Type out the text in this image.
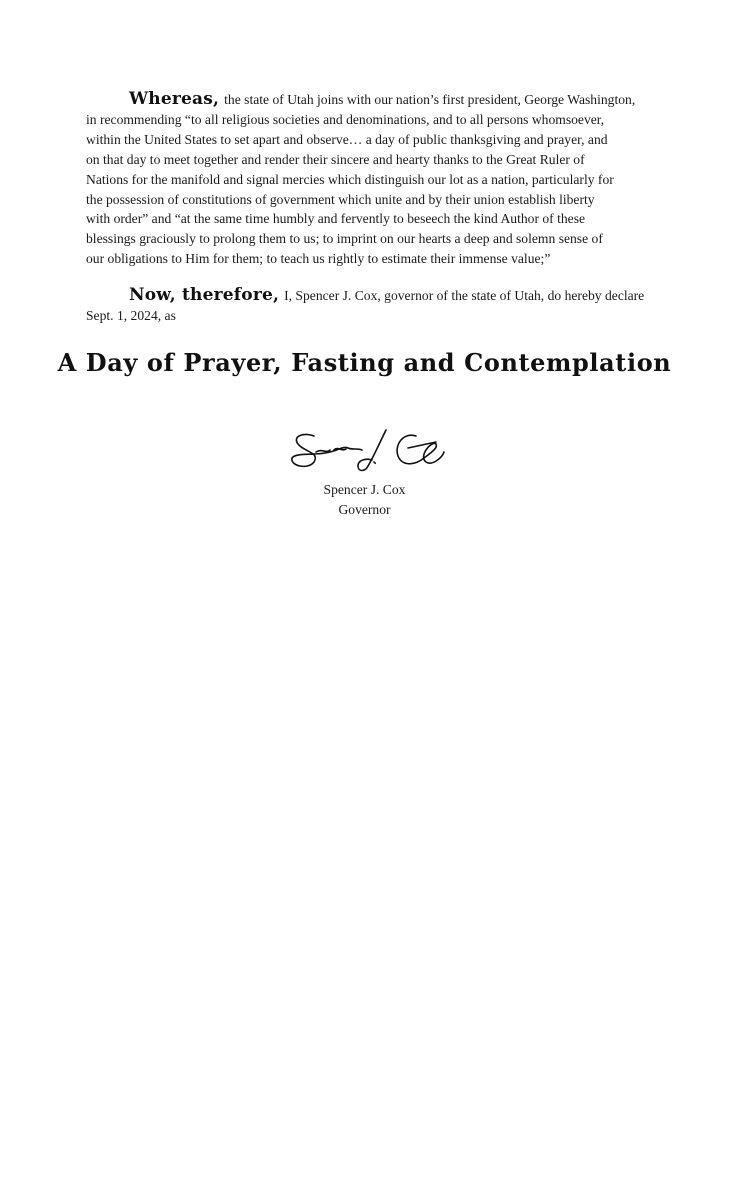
Whereas, the state of Utah joins with our nation’s first president, George Washington,
in recommending “to all religious societies and denominations, and to all persons whomsoever,
within the United States to set apart and observe… a day of public thanksgiving and prayer, and
on that day to meet together and render their sincere and hearty thanks to the Great Ruler of
Nations for the manifold and signal mercies which distinguish our lot as a nation, particularly for
the possession of constitutions of government which unite and by their union establish liberty
with order” and “at the same time humbly and fervently to beseech the kind Author of these
blessings graciously to prolong them to us; to imprint on our hearts a deep and solemn sense of
our obligations to Him for them; to teach us rightly to estimate their immense value;”
Now, therefore, I, Spencer J. Cox, governor of the state of Utah, do hereby declare
Sept. 1, 2024, as
A Day of Prayer, Fasting and Contemplation
Spencer J. Cox
Governor
